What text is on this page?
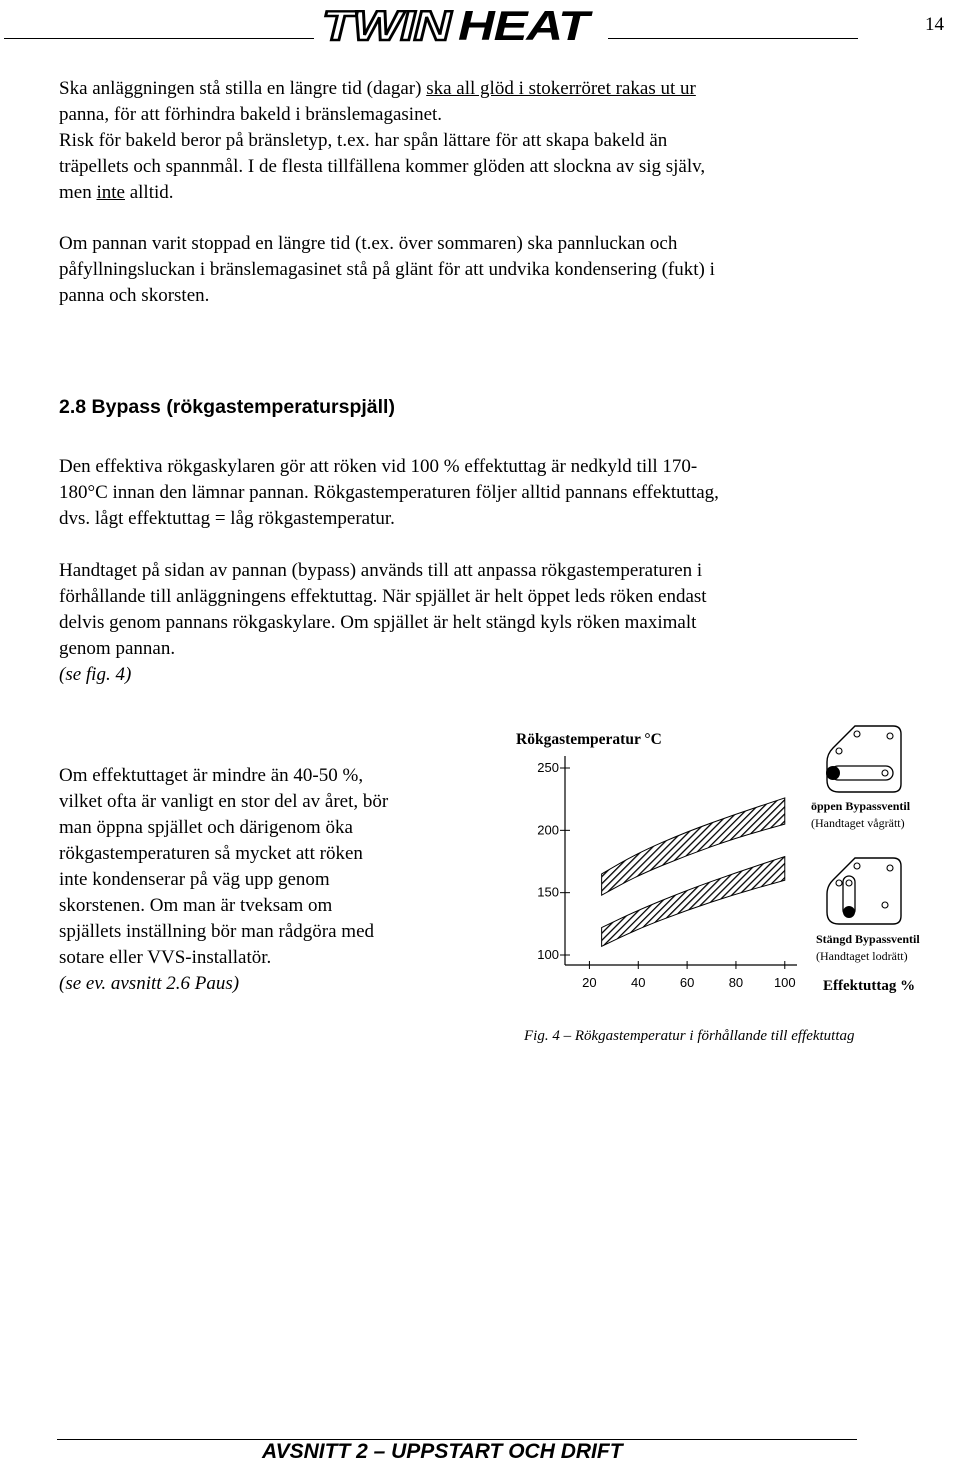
TWIN HEAT	14

Ska anläggningen stå stilla en längre tid (dagar) ska all glöd i stokerröret rakas ut ur
panna, för att förhindra bakeld i bränslemagasinet.
Risk för bakeld beror på bränsletyp, t.ex. har spån lättare för att skapa bakeld än
träpellets och spannmål. I de flesta tillfällena kommer glöden att slockna av sig själv,
men inte alltid.

Om pannan varit stoppad en längre tid (t.ex. över sommaren) ska pannluckan och
påfyllningsluckan i bränslemagasinet stå på glänt för att undvika kondensering (fukt) i
panna och skorsten.

2.8 Bypass (rökgastemperaturspjäll)

Den effektiva rökgaskylaren gör att röken vid 100 % effektuttag är nedkyld till 170-
180°C innan den lämnar pannan. Rökgastemperaturen följer alltid pannans effektuttag,
dvs. lågt effektuttag = låg rökgastemperatur.

Handtaget på sidan av pannan (bypass) används till att anpassa rökgastemperaturen i
förhållande till anläggningens effektuttag. När spjället är helt öppet leds röken endast
delvis genom pannans rökgaskylare. Om spjället är helt stängd kyls röken maximalt
genom pannan.
(se fig. 4)

Om effektuttaget är mindre än 40-50 %,
vilket ofta är vanligt en stor del av året, bör
man öppna spjället och därigenom öka
rökgastemperaturen så mycket att röken
inte kondenserar på väg upp genom
skorstenen. Om man är tveksam om
spjällets inställning bör man rådgöra med
sotare eller VVS-installatör.
(se ev. avsnitt 2.6 Paus)

Rökgastemperatur °C
100
150
200
250
20	40	60	80 100
öppen Bypassventil
(Handtaget vågrätt)
Stängd Bypassventil
(Handtaget lodrätt)
Effektuttag %
Fig. 4 – Rökgastemperatur i förhållande till effektuttag

AVSNITT 2 – UPPSTART OCH DRIFT
